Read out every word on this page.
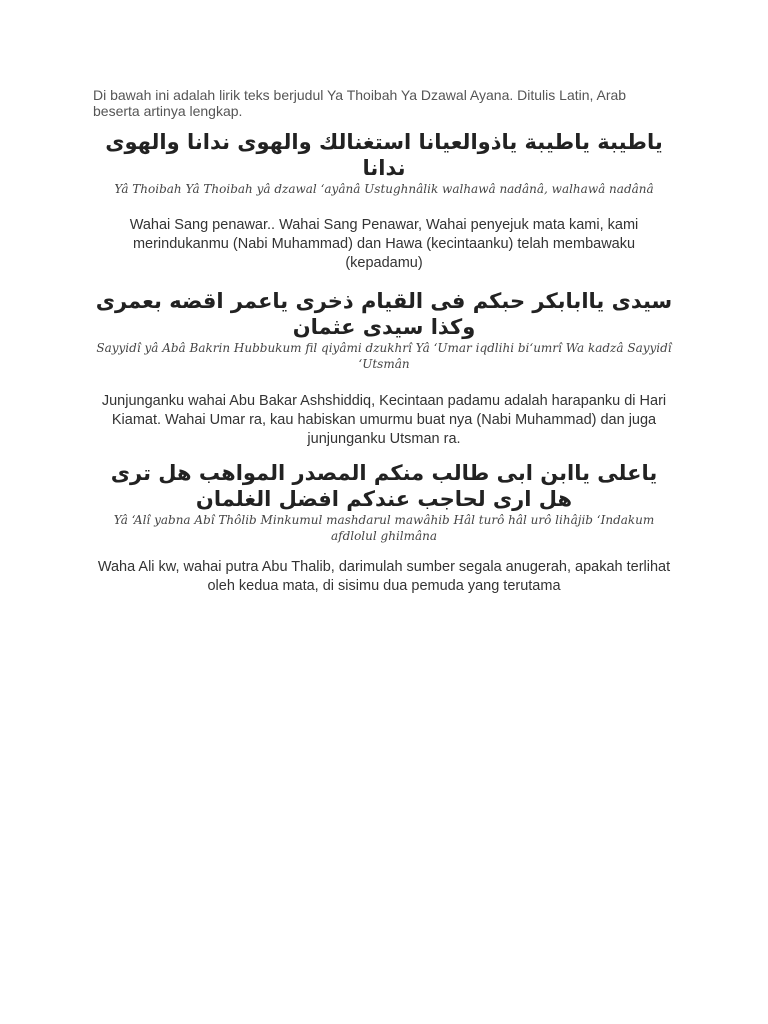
Di bawah ini adalah lirik teks berjudul Ya Thoibah Ya Dzawal Ayana. Ditulis Latin, Arab beserta artinya lengkap.

ياطيبة ياطيبة ياذوالعيانا استغنالك والهوى ندانا والهوى ندانا

Yâ Thoibah Yâ Thoibah yâ dzawal ‘ayânâ Ustughnâlik walhawâ nadânâ, walhawâ nadânâ

Wahai Sang penawar.. Wahai Sang Penawar, Wahai penyejuk mata kami, kami merindukanmu (Nabi Muhammad) dan Hawa (kecintaanku) telah membawaku (kepadamu)

سيدى ياابابكر حبكم فى القيام ذخرى ياعمر اقضه بعمرى وكذا سيدى عثمان

Sayyidî yâ Abâ Bakrin Hubbukum fil qiyâmi dzukhrî Yâ ‘Umar iqdlihi bi‘umrî Wa kadzâ Sayyidî ‘Utsmân

Junjunganku wahai Abu Bakar Ashshiddiq, Kecintaan padamu adalah harapanku di Hari Kiamat. Wahai Umar ra, kau habiskan umurmu buat nya (Nabi Muhammad) dan juga junjunganku Utsman ra.

ياعلى ياابن ابى طالب منكم المصدر المواهب هل ترى هل ارى لحاجب عندكم افضل الغلمان

Yâ ‘Alî yabna Abî Thôlib Minkumul mashdarul mawâhib Hâl turô hâl urô lihâjib ‘Indakum afdlolul ghilmâna

Waha Ali kw, wahai putra Abu Thalib, darimulah sumber segala anugerah, apakah terlihat oleh kedua mata, di sisimu dua pemuda yang terutama
